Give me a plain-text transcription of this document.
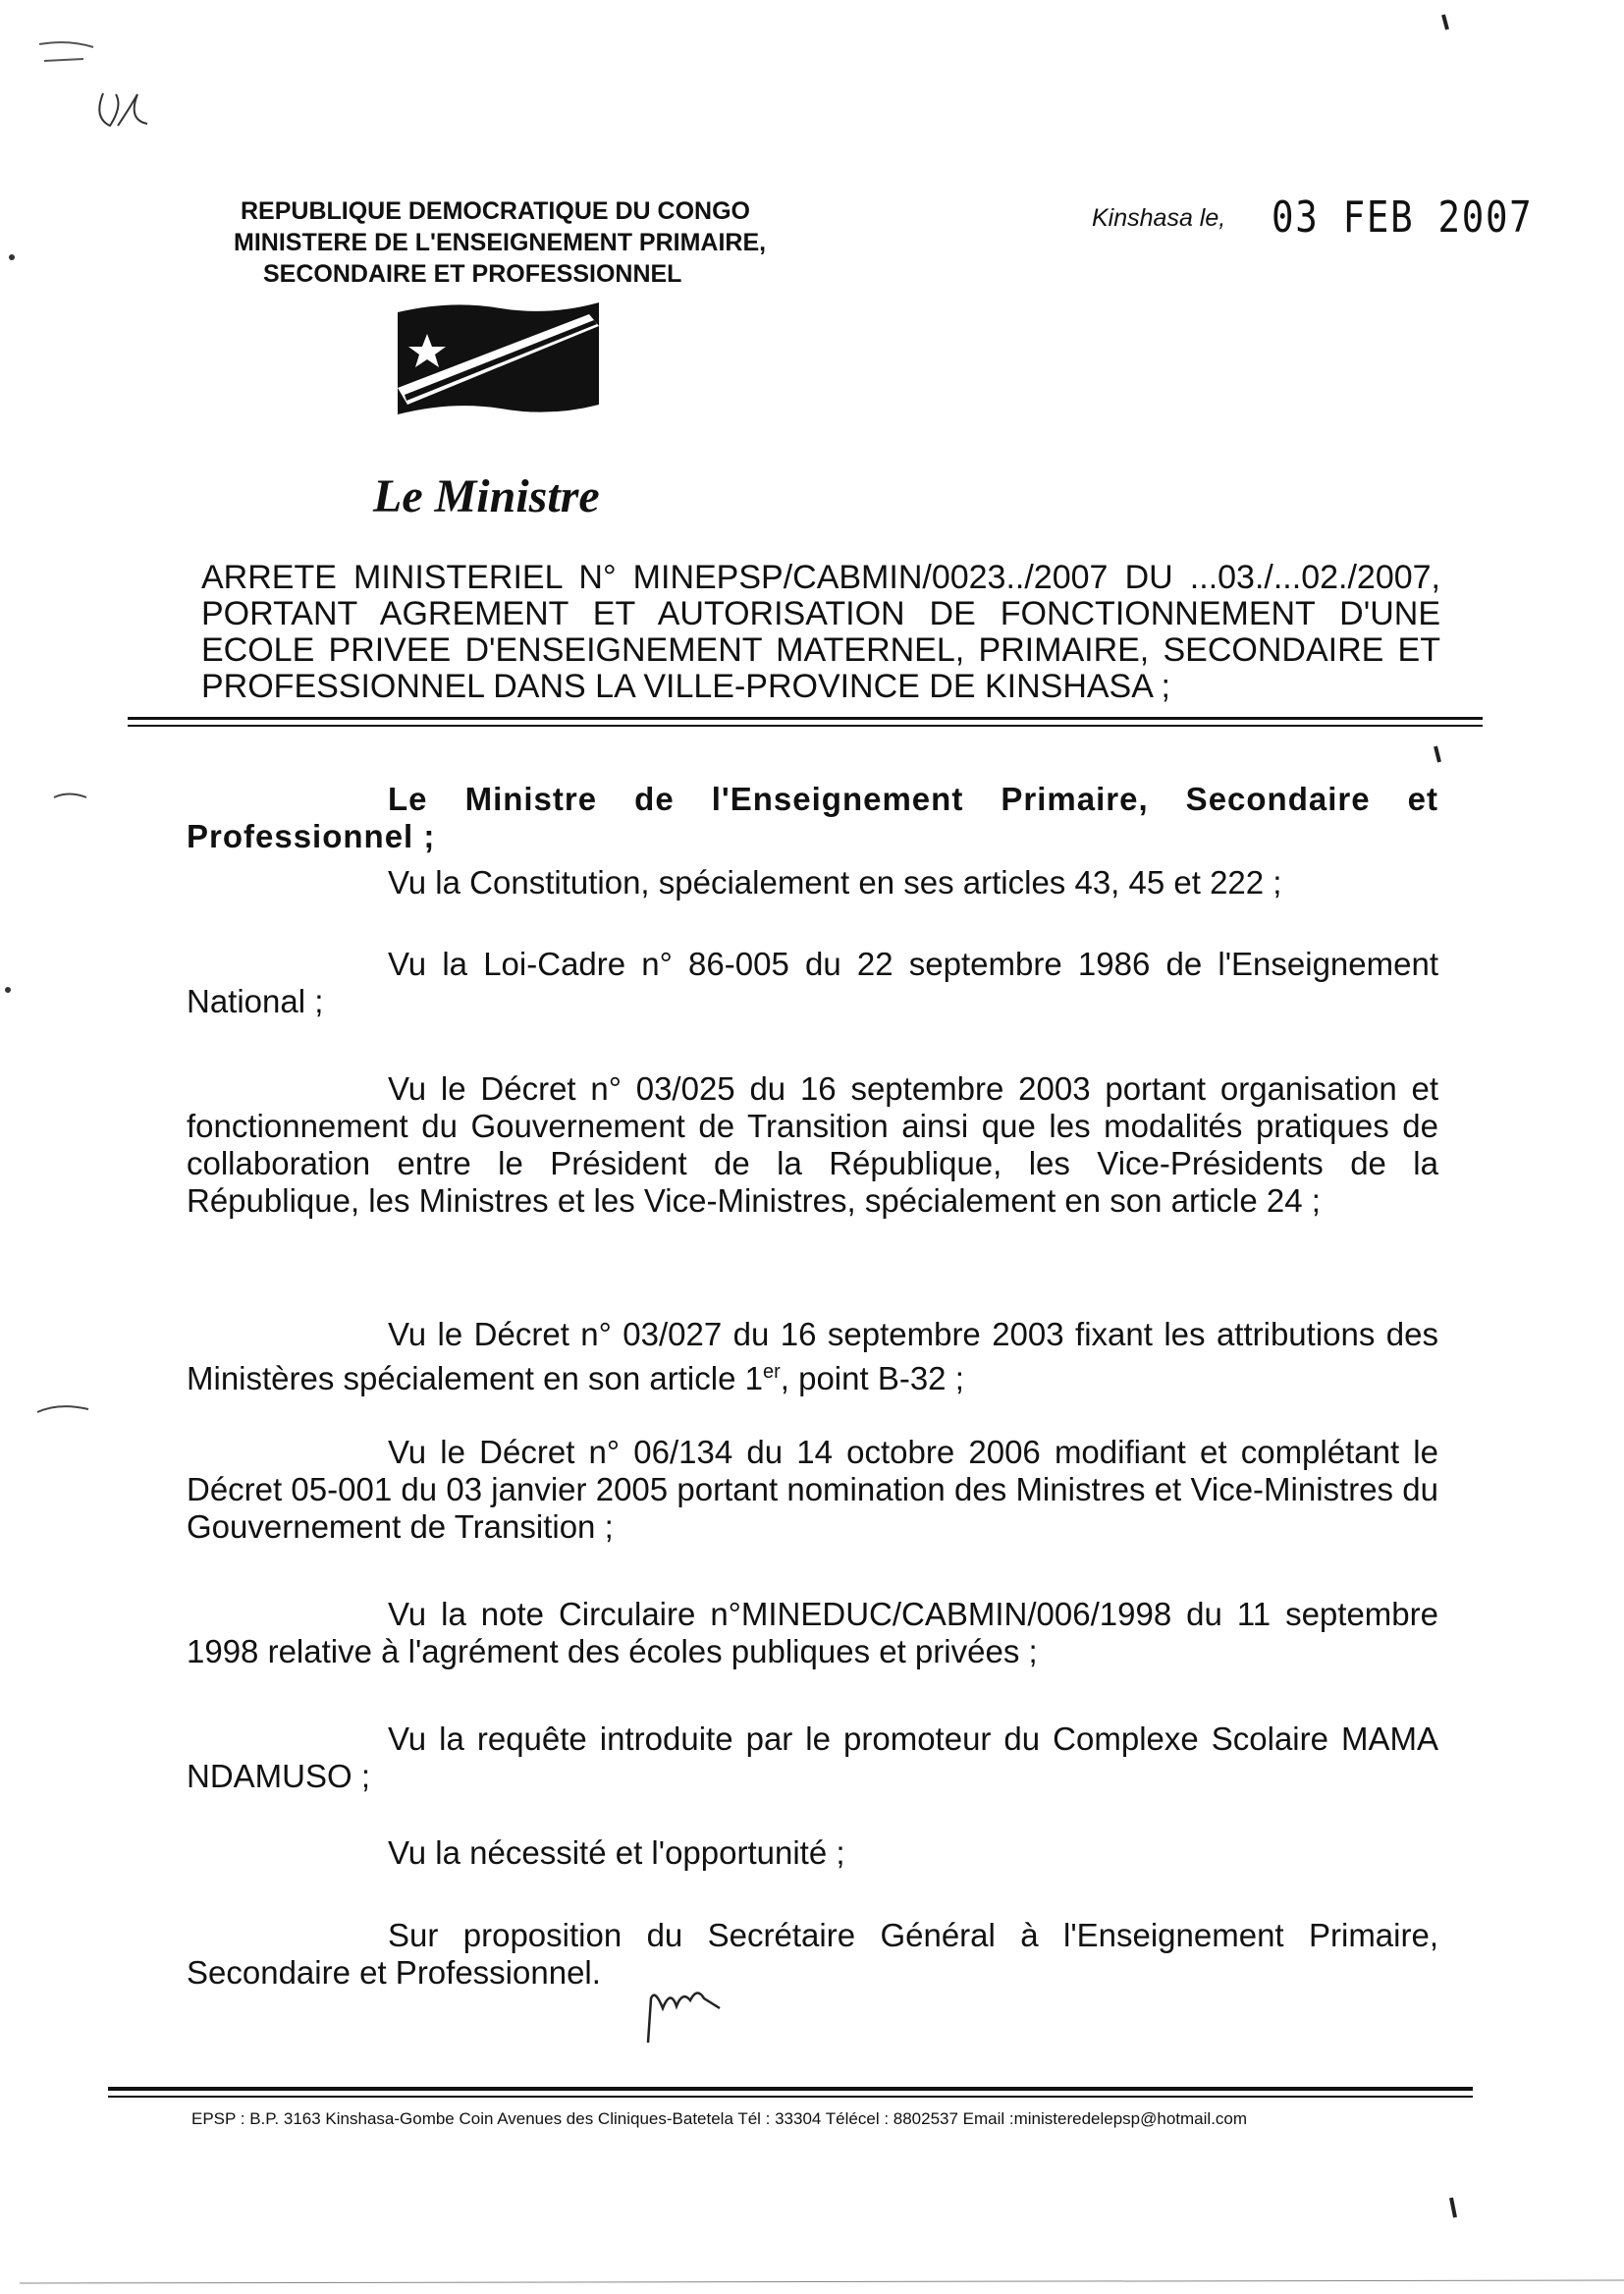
REPUBLIQUE DEMOCRATIQUE DU CONGO
MINISTERE DE L'ENSEIGNEMENT PRIMAIRE,
SECONDAIRE ET PROFESSIONNEL
Kinshasa le, 03 FEB 2007
Le Ministre
ARRETE MINISTERIEL N° MINEPSP/CABMIN/0023../2007 DU ...03./...02./2007,
PORTANT AGREMENT ET AUTORISATION DE FONCTIONNEMENT D'UNE
ECOLE PRIVEE D'ENSEIGNEMENT MATERNEL, PRIMAIRE, SECONDAIRE ET
PROFESSIONNEL DANS LA VILLE-PROVINCE DE KINSHASA ;
Le Ministre de l'Enseignement Primaire, Secondaire et Professionnel ;
Vu la Constitution, spécialement en ses articles 43, 45 et 222 ;
Vu la Loi-Cadre n° 86-005 du 22 septembre 1986 de l'Enseignement National ;
Vu le Décret n° 03/025 du 16 septembre 2003 portant organisation et fonctionnement du Gouvernement de Transition ainsi que les modalités pratiques de collaboration entre le Président de la République, les Vice-Présidents de la République, les Ministres et les Vice-Ministres, spécialement en son article 24 ;
Vu le Décret n° 03/027 du 16 septembre 2003 fixant les attributions des Ministères spécialement en son article 1er, point B-32 ;
Vu le Décret n° 06/134 du 14 octobre 2006 modifiant et complétant le Décret 05-001 du 03 janvier 2005 portant nomination des Ministres et Vice-Ministres du Gouvernement de Transition ;
Vu la note Circulaire n°MINEDUC/CABMIN/006/1998 du 11 septembre 1998 relative à l'agrément des écoles publiques et privées ;
Vu la requête introduite par le promoteur du Complexe Scolaire MAMA NDAMUSO ;
Vu la nécessité et l'opportunité ;
Sur proposition du Secrétaire Général à l'Enseignement Primaire, Secondaire et Professionnel.
EPSP : B.P. 3163 Kinshasa-Gombe Coin Avenues des Cliniques-Batetela Tél : 33304 Télécel : 8802537 Email :ministeredelepsp@hotmail.com
